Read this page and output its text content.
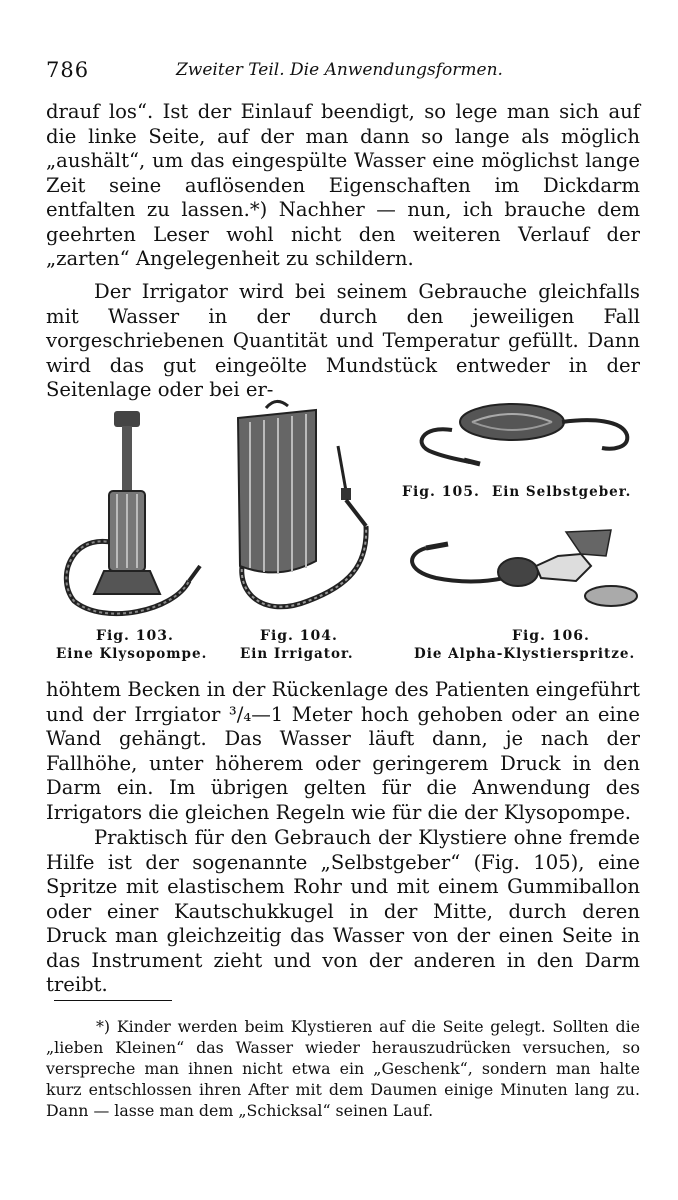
786	Zweiter Teil. Die Anwendungsformen.

drauf los“. Ist der Einlauf beendigt, so lege man sich auf die linke Seite, auf der man dann so lange als möglich „aushält“, um das eingespülte Wasser eine möglichst lange Zeit seine auflösenden Eigenschaften im Dickdarm entfalten zu lassen.*) Nachher — nun, ich brauche dem geehrten Leser wohl nicht den weiteren Verlauf der „zarten“ Angelegenheit zu schildern.

Der Irrigator wird bei seinem Gebrauche gleichfalls mit Wasser in der durch den jeweiligen Fall vorgeschriebenen Quantität und Temperatur gefüllt. Dann wird das gut eingeölte Mundstück entweder in der Seitenlage oder bei er-

Fig. 103.
Eine Klysopompe.
Fig. 104.
Ein Irrigator.
Fig. 105. Ein Selbstgeber.
Fig. 106.
Die Alpha-Klystierspritze.

höhtem Becken in der Rückenlage des Patienten eingeführt und der Irrgiator ³/₄—1 Meter hoch gehoben oder an eine Wand gehängt. Das Wasser läuft dann, je nach der Fallhöhe, unter höherem oder geringerem Druck in den Darm ein. Im übrigen gelten für die Anwendung des Irrigators die gleichen Regeln wie für die der Klysopompe.

Praktisch für den Gebrauch der Klystiere ohne fremde Hilfe ist der sogenannte „Selbstgeber“ (Fig. 105), eine Spritze mit elastischem Rohr und mit einem Gummiballon oder einer Kautschukkugel in der Mitte, durch deren Druck man gleichzeitig das Wasser von der einen Seite in das Instrument zieht und von der anderen in den Darm treibt.

*) Kinder werden beim Klystieren auf die Seite gelegt. Sollten die „lieben Kleinen“ das Wasser wieder herauszudrücken versuchen, so verspreche man ihnen nicht etwa ein „Geschenk“, sondern man halte kurz entschlossen ihren After mit dem Daumen einige Minuten lang zu. Dann — lasse man dem „Schicksal“ seinen Lauf.
